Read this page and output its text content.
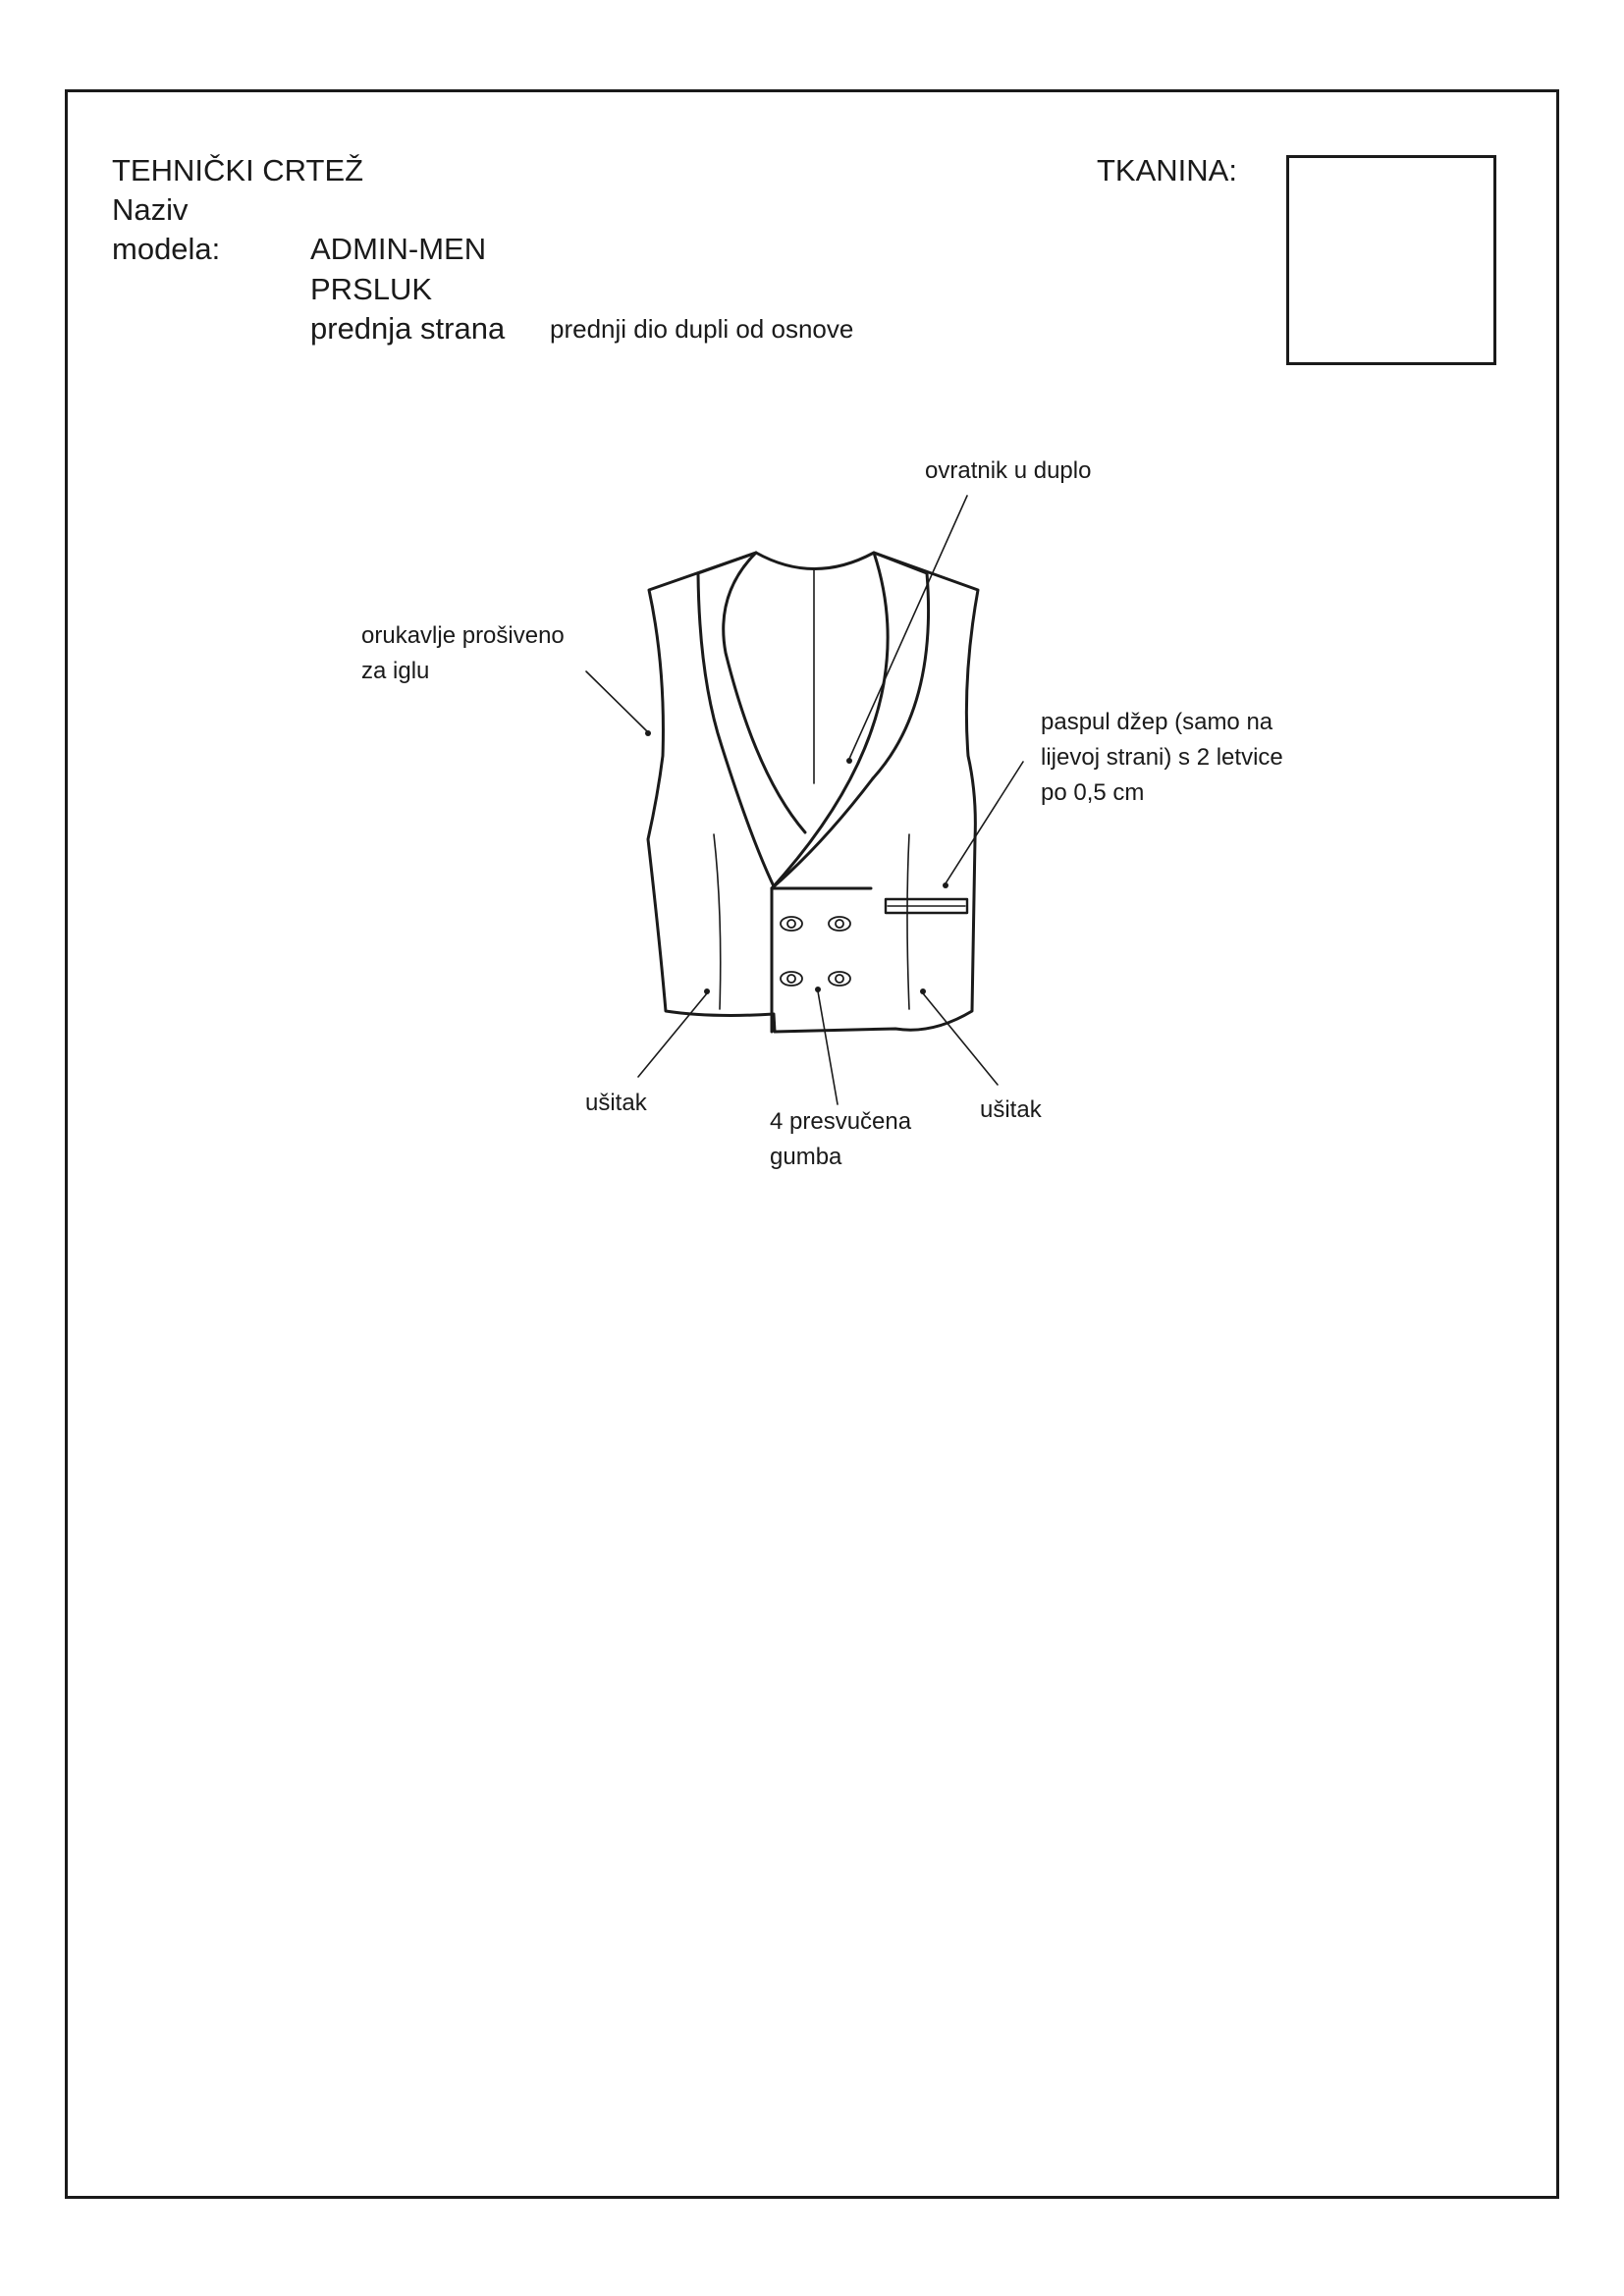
TEHNIČKI CRTEŽ
Naziv
modela:	ADMIN-MEN
PRSLUK
prednja strana prednji dio dupli od osnove
TKANINA:
ovratnik u duplo
orukavlje prošiveno
za iglu
paspul džep (samo na
lijevoj strani) s 2 letvice
po 0,5 cm
ušitak
4 presvučena
gumba
ušitak
